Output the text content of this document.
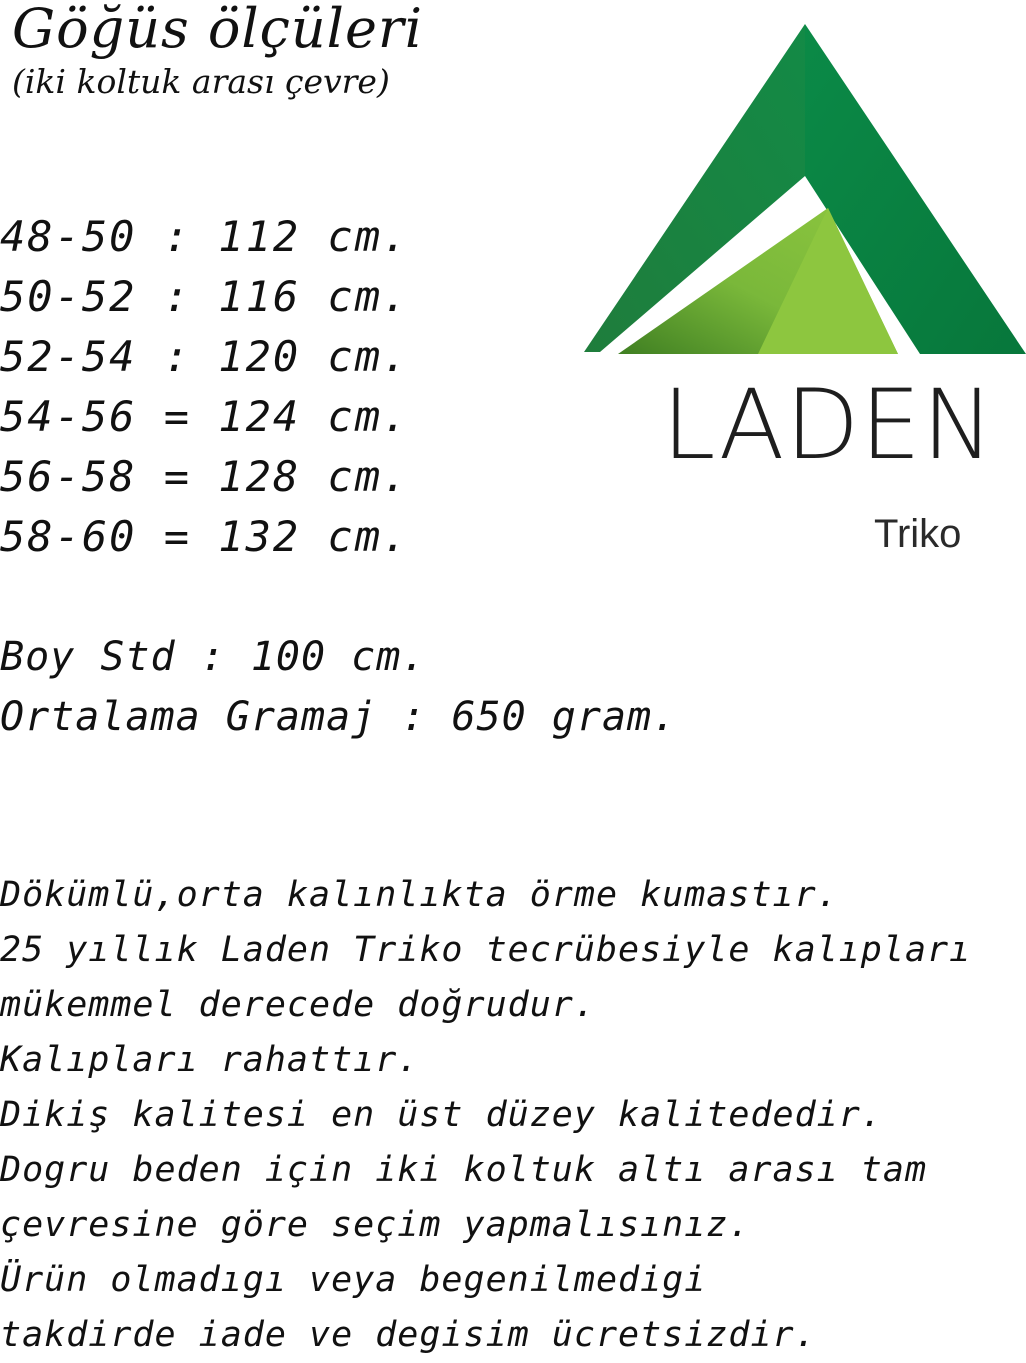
Göğüs ölçüleri
(iki koltuk arası çevre)
48-50 : 112 cm.
50-52 : 116 cm.
52-54 : 120 cm.
54-56 = 124 cm.
56-58 = 128 cm.
58-60 = 132 cm.
Boy Std : 100 cm.
Ortalama Gramaj : 650 gram.
Dökümlü,orta kalınlıkta örme kumastır.
25 yıllık Laden Triko tecrübesiyle kalıpları
mükemmel derecede doğrudur.
Kalıpları rahattır.
Dikiş kalitesi en üst düzey kalitededir.
Dogru beden için iki koltuk altı arası tam
çevresine göre seçim yapmalısınız.
Ürün olmadıgı veya begenilmedigi
takdirde iade ve degisim ücretsizdir.
LADEN
Triko
